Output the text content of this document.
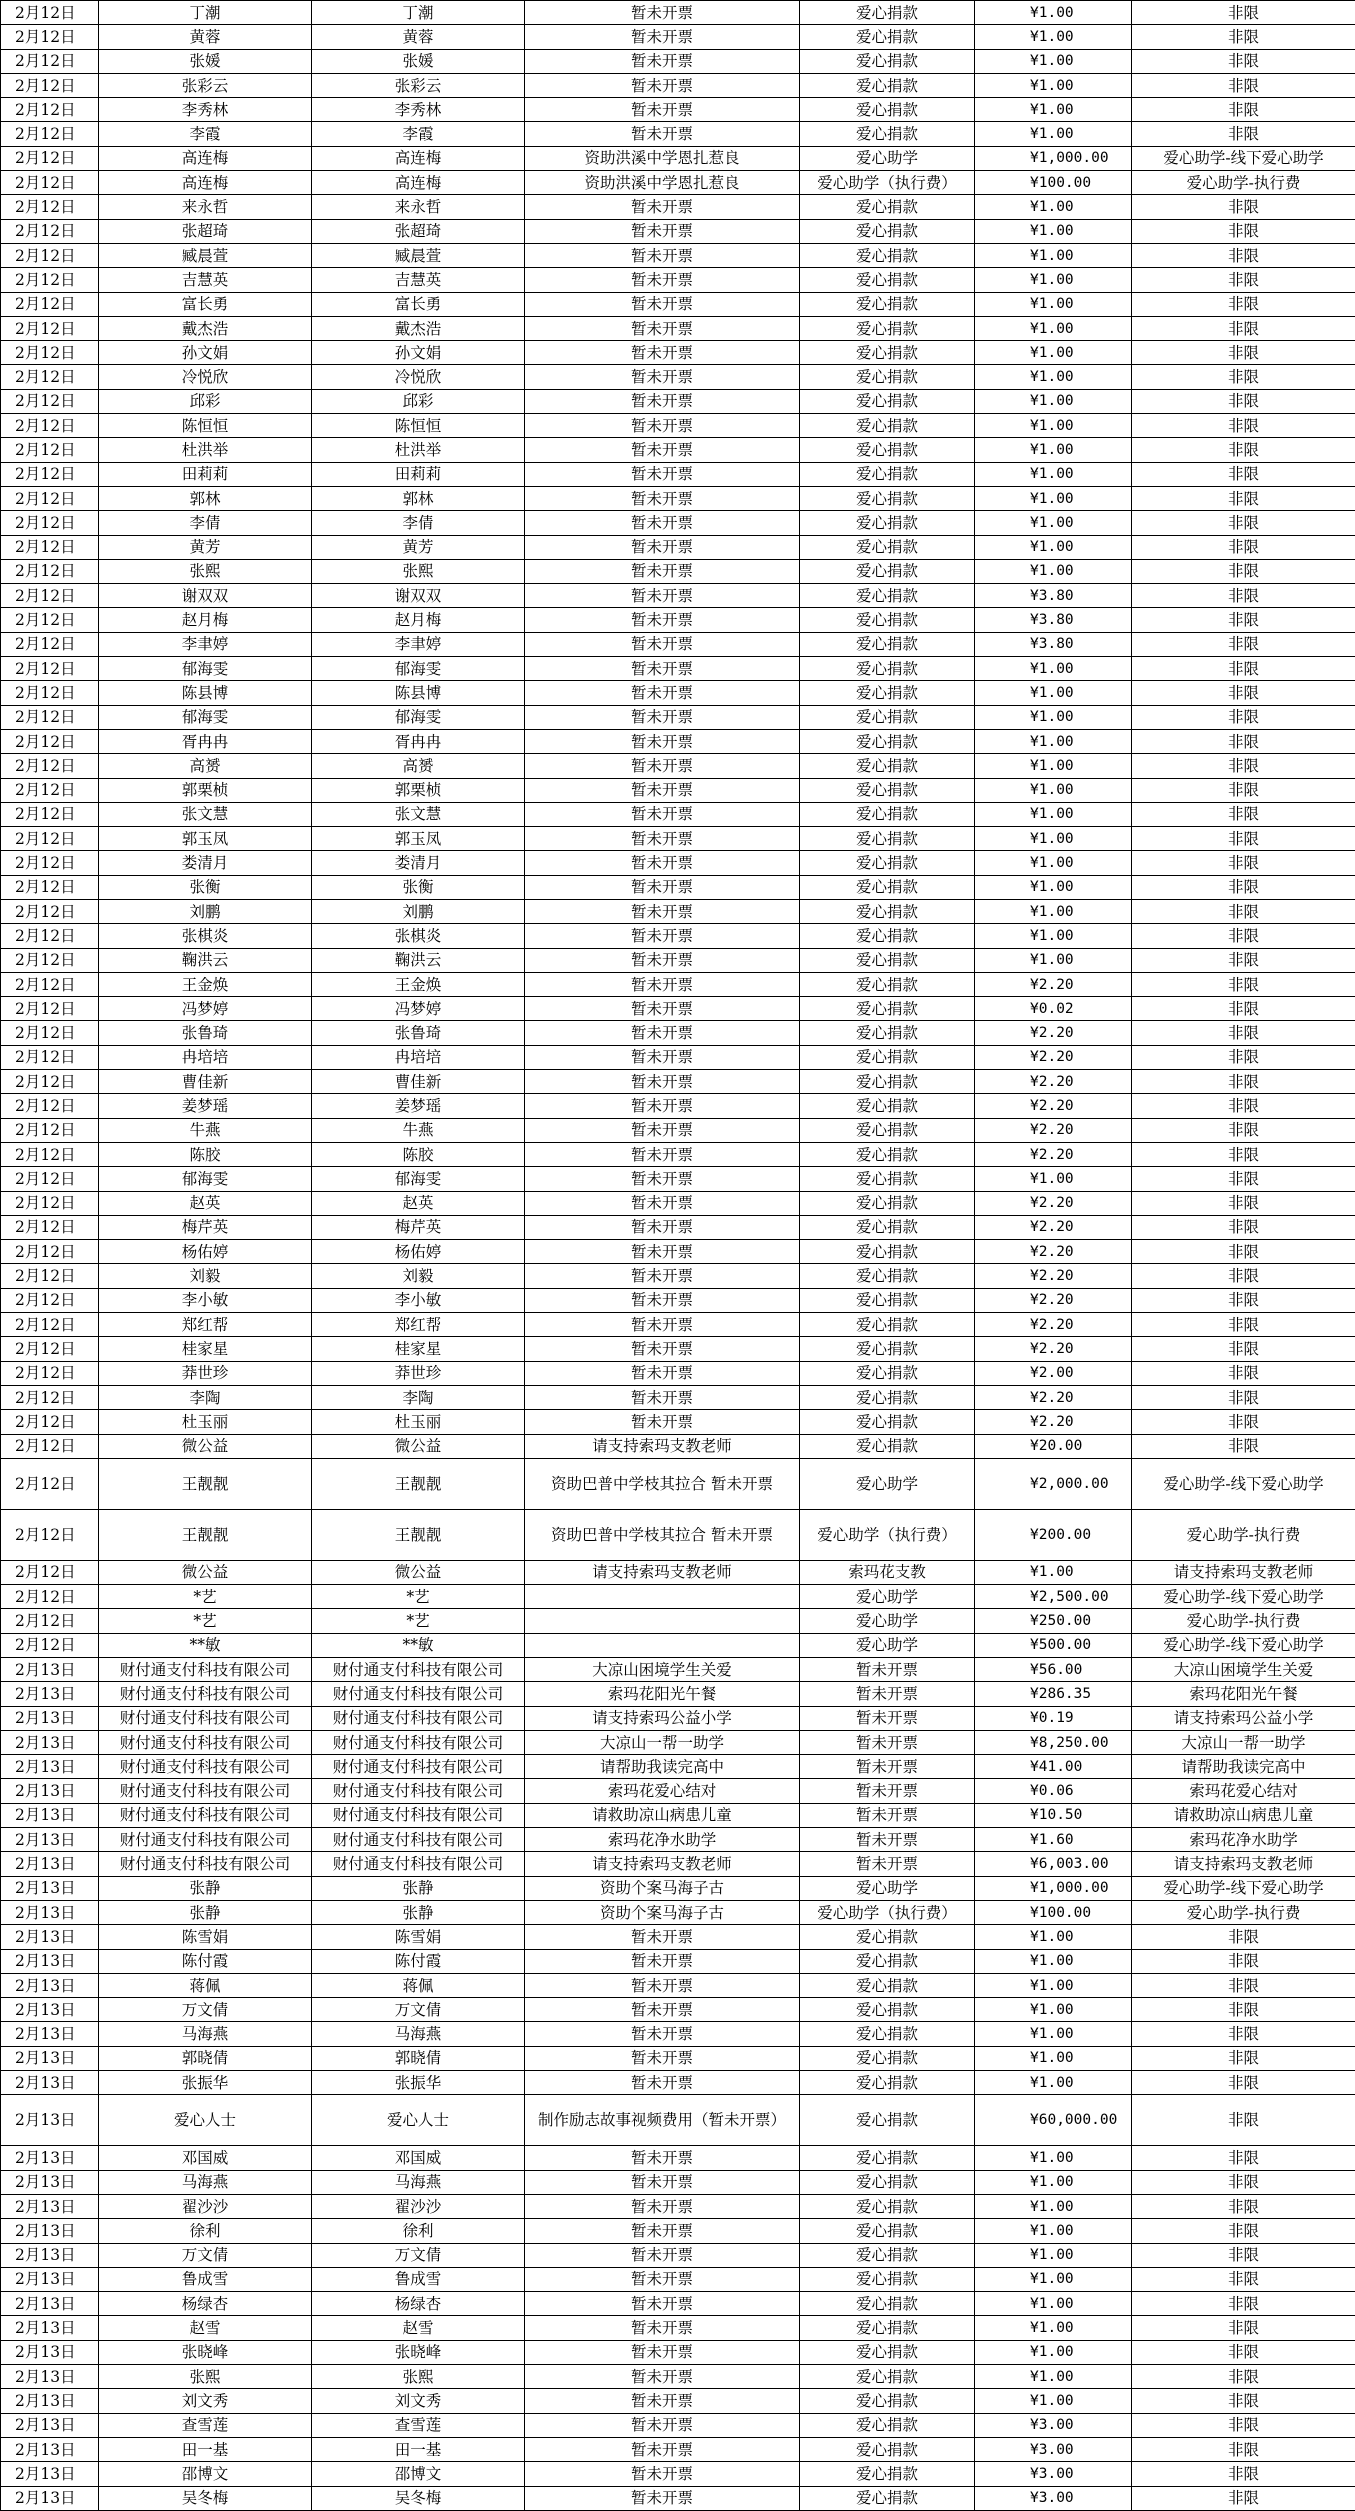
2月12日	丁潮	丁潮	暂未开票	爱心捐款	¥1.00	非限
2月12日	黄蓉	黄蓉	暂未开票	爱心捐款	¥1.00	非限
2月12日	张媛	张媛	暂未开票	爱心捐款	¥1.00	非限
2月12日	张彩云	张彩云	暂未开票	爱心捐款	¥1.00	非限
2月12日	李秀林	李秀林	暂未开票	爱心捐款	¥1.00	非限
2月12日	李霞	李霞	暂未开票	爱心捐款	¥1.00	非限
2月12日	高连梅	高连梅	资助洪溪中学恩扎惹良	爱心助学	¥1,000.00	爱心助学-线下爱心助学
2月12日	高连梅	高连梅	资助洪溪中学恩扎惹良	爱心助学（执行费）	¥100.00	爱心助学-执行费
2月12日	来永哲	来永哲	暂未开票	爱心捐款	¥1.00	非限
2月12日	张超琦	张超琦	暂未开票	爱心捐款	¥1.00	非限
2月12日	臧晨萱	臧晨萱	暂未开票	爱心捐款	¥1.00	非限
2月12日	吉慧英	吉慧英	暂未开票	爱心捐款	¥1.00	非限
2月12日	富长勇	富长勇	暂未开票	爱心捐款	¥1.00	非限
2月12日	戴杰浩	戴杰浩	暂未开票	爱心捐款	¥1.00	非限
2月12日	孙文娟	孙文娟	暂未开票	爱心捐款	¥1.00	非限
2月12日	冷悦欣	冷悦欣	暂未开票	爱心捐款	¥1.00	非限
2月12日	邱彩	邱彩	暂未开票	爱心捐款	¥1.00	非限
2月12日	陈恒恒	陈恒恒	暂未开票	爱心捐款	¥1.00	非限
2月12日	杜洪举	杜洪举	暂未开票	爱心捐款	¥1.00	非限
2月12日	田莉莉	田莉莉	暂未开票	爱心捐款	¥1.00	非限
2月12日	郭林	郭林	暂未开票	爱心捐款	¥1.00	非限
2月12日	李倩	李倩	暂未开票	爱心捐款	¥1.00	非限
2月12日	黄芳	黄芳	暂未开票	爱心捐款	¥1.00	非限
2月12日	张熙	张熙	暂未开票	爱心捐款	¥1.00	非限
2月12日	谢双双	谢双双	暂未开票	爱心捐款	¥3.80	非限
2月12日	赵月梅	赵月梅	暂未开票	爱心捐款	¥3.80	非限
2月12日	李聿婷	李聿婷	暂未开票	爱心捐款	¥3.80	非限
2月12日	郁海雯	郁海雯	暂未开票	爱心捐款	¥1.00	非限
2月12日	陈县博	陈县博	暂未开票	爱心捐款	¥1.00	非限
2月12日	郁海雯	郁海雯	暂未开票	爱心捐款	¥1.00	非限
2月12日	胥冉冉	胥冉冉	暂未开票	爱心捐款	¥1.00	非限
2月12日	高赟	高赟	暂未开票	爱心捐款	¥1.00	非限
2月12日	郭栗桢	郭栗桢	暂未开票	爱心捐款	¥1.00	非限
2月12日	张文慧	张文慧	暂未开票	爱心捐款	¥1.00	非限
2月12日	郭玉凤	郭玉凤	暂未开票	爱心捐款	¥1.00	非限
2月12日	娄清月	娄清月	暂未开票	爱心捐款	¥1.00	非限
2月12日	张衡	张衡	暂未开票	爱心捐款	¥1.00	非限
2月12日	刘鹏	刘鹏	暂未开票	爱心捐款	¥1.00	非限
2月12日	张棋炎	张棋炎	暂未开票	爱心捐款	¥1.00	非限
2月12日	鞠洪云	鞠洪云	暂未开票	爱心捐款	¥1.00	非限
2月12日	王金焕	王金焕	暂未开票	爱心捐款	¥2.20	非限
2月12日	冯梦婷	冯梦婷	暂未开票	爱心捐款	¥0.02	非限
2月12日	张鲁琦	张鲁琦	暂未开票	爱心捐款	¥2.20	非限
2月12日	冉培培	冉培培	暂未开票	爱心捐款	¥2.20	非限
2月12日	曹佳新	曹佳新	暂未开票	爱心捐款	¥2.20	非限
2月12日	姜梦瑶	姜梦瑶	暂未开票	爱心捐款	¥2.20	非限
2月12日	牛燕	牛燕	暂未开票	爱心捐款	¥2.20	非限
2月12日	陈胶	陈胶	暂未开票	爱心捐款	¥2.20	非限
2月12日	郁海雯	郁海雯	暂未开票	爱心捐款	¥1.00	非限
2月12日	赵英	赵英	暂未开票	爱心捐款	¥2.20	非限
2月12日	梅芹英	梅芹英	暂未开票	爱心捐款	¥2.20	非限
2月12日	杨佑婷	杨佑婷	暂未开票	爱心捐款	¥2.20	非限
2月12日	刘毅	刘毅	暂未开票	爱心捐款	¥2.20	非限
2月12日	李小敏	李小敏	暂未开票	爱心捐款	¥2.20	非限
2月12日	郑红帮	郑红帮	暂未开票	爱心捐款	¥2.20	非限
2月12日	桂家星	桂家星	暂未开票	爱心捐款	¥2.20	非限
2月12日	莽世珍	莽世珍	暂未开票	爱心捐款	¥2.00	非限
2月12日	李陶	李陶	暂未开票	爱心捐款	¥2.20	非限
2月12日	杜玉丽	杜玉丽	暂未开票	爱心捐款	¥2.20	非限
2月12日	微公益	微公益	请支持索玛支教老师	爱心捐款	¥20.00	非限
2月12日	王靓靓	王靓靓	资助巴普中学枝其拉合 暂未开票	爱心助学	¥2,000.00	爱心助学-线下爱心助学
2月12日	王靓靓	王靓靓	资助巴普中学枝其拉合 暂未开票	爱心助学（执行费）	¥200.00	爱心助学-执行费
2月12日	微公益	微公益	请支持索玛支教老师	索玛花支教	¥1.00	请支持索玛支教老师
2月12日	*艺	*艺		爱心助学	¥2,500.00	爱心助学-线下爱心助学
2月12日	*艺	*艺		爱心助学	¥250.00	爱心助学-执行费
2月12日	**敏	**敏		爱心助学	¥500.00	爱心助学-线下爱心助学
2月13日	财付通支付科技有限公司	财付通支付科技有限公司	大凉山困境学生关爱	暂未开票	¥56.00	大凉山困境学生关爱
2月13日	财付通支付科技有限公司	财付通支付科技有限公司	索玛花阳光午餐	暂未开票	¥286.35	索玛花阳光午餐
2月13日	财付通支付科技有限公司	财付通支付科技有限公司	请支持索玛公益小学	暂未开票	¥0.19	请支持索玛公益小学
2月13日	财付通支付科技有限公司	财付通支付科技有限公司	大凉山一帮一助学	暂未开票	¥8,250.00	大凉山一帮一助学
2月13日	财付通支付科技有限公司	财付通支付科技有限公司	请帮助我读完高中	暂未开票	¥41.00	请帮助我读完高中
2月13日	财付通支付科技有限公司	财付通支付科技有限公司	索玛花爱心结对	暂未开票	¥0.06	索玛花爱心结对
2月13日	财付通支付科技有限公司	财付通支付科技有限公司	请救助凉山病患儿童	暂未开票	¥10.50	请救助凉山病患儿童
2月13日	财付通支付科技有限公司	财付通支付科技有限公司	索玛花净水助学	暂未开票	¥1.60	索玛花净水助学
2月13日	财付通支付科技有限公司	财付通支付科技有限公司	请支持索玛支教老师	暂未开票	¥6,003.00	请支持索玛支教老师
2月13日	张静	张静	资助个案马海子古	爱心助学	¥1,000.00	爱心助学-线下爱心助学
2月13日	张静	张静	资助个案马海子古	爱心助学（执行费）	¥100.00	爱心助学-执行费
2月13日	陈雪娟	陈雪娟	暂未开票	爱心捐款	¥1.00	非限
2月13日	陈付霞	陈付霞	暂未开票	爱心捐款	¥1.00	非限
2月13日	蒋佩	蒋佩	暂未开票	爱心捐款	¥1.00	非限
2月13日	万文倩	万文倩	暂未开票	爱心捐款	¥1.00	非限
2月13日	马海燕	马海燕	暂未开票	爱心捐款	¥1.00	非限
2月13日	郭晓倩	郭晓倩	暂未开票	爱心捐款	¥1.00	非限
2月13日	张振华	张振华	暂未开票	爱心捐款	¥1.00	非限
2月13日	爱心人士	爱心人士	制作励志故事视频费用（暂未开票）	爱心捐款	¥60,000.00	非限
2月13日	邓国威	邓国威	暂未开票	爱心捐款	¥1.00	非限
2月13日	马海燕	马海燕	暂未开票	爱心捐款	¥1.00	非限
2月13日	翟沙沙	翟沙沙	暂未开票	爱心捐款	¥1.00	非限
2月13日	徐利	徐利	暂未开票	爱心捐款	¥1.00	非限
2月13日	万文倩	万文倩	暂未开票	爱心捐款	¥1.00	非限
2月13日	鲁成雪	鲁成雪	暂未开票	爱心捐款	¥1.00	非限
2月13日	杨绿杏	杨绿杏	暂未开票	爱心捐款	¥1.00	非限
2月13日	赵雪	赵雪	暂未开票	爱心捐款	¥1.00	非限
2月13日	张晓峰	张晓峰	暂未开票	爱心捐款	¥1.00	非限
2月13日	张熙	张熙	暂未开票	爱心捐款	¥1.00	非限
2月13日	刘文秀	刘文秀	暂未开票	爱心捐款	¥1.00	非限
2月13日	查雪莲	查雪莲	暂未开票	爱心捐款	¥3.00	非限
2月13日	田一基	田一基	暂未开票	爱心捐款	¥3.00	非限
2月13日	邵博文	邵博文	暂未开票	爱心捐款	¥3.00	非限
2月13日	吴冬梅	吴冬梅	暂未开票	爱心捐款	¥3.00	非限
